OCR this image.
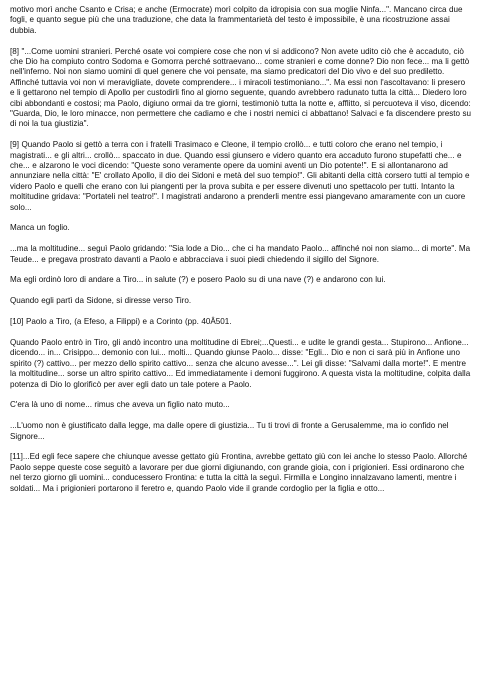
motivo morì anche Csanto e Crisa; e anche (Ermocrate) morì colpito da idropisia con sua moglie Ninfa...". Mancano circa due fogli, e quanto segue più che una traduzione, che data la frammentarietà del testo è impossibile, è una ricostruzione assai dubbia.

[8] "...Come uomini stranieri. Perché osate voi compiere cose che non vi si addicono? Non avete udito ciò che è accaduto, ciò che Dio ha compiuto contro Sodoma e Gomorra perché sottraevano... come stranieri e come donne? Dio non fece... ma li gettò nell'inferno. Noi non siamo uomini di quel genere che voi pensate, ma siamo predicatori del Dio vivo e del suo prediletto. Affinché tuttavia voi non vi meravigliate, dovete comprendere... i miracoli testimoniano...". Ma essi non l'ascoltavano: li presero e li gettarono nel tempio di Apollo per custodirli fino al giorno seguente, quando avrebbero radunato tutta la città... Diedero loro cibi abbondanti e costosi; ma Paolo, digiuno ormai da tre giorni, testimoniò tutta la notte e, afflitto, si percuoteva il viso, dicendo: "Guarda, Dio, le loro minacce, non permettere che cadiamo e che i nostri nemici ci abbattano! Salvaci e fa discendere presto su di noi la tua giustizia".

[9] Quando Paolo si gettò a terra con i fratelli Trasimaco e Cleone, il tempio crollò... e tutti coloro che erano nel tempio, i magistrati... e gli altri... crollò... spaccato in due. Quando essi giunsero e videro quanto era accaduto furono stupefatti che... e che... e alzarono le voci dicendo: "Queste sono veramente opere da uomini aventi un Dio potente!". E si allontanarono ad annunziare nella città: "E' crollato Apollo, il dio dei Sidoni e metà del suo tempio!". Gli abitanti della città corsero tutti al tempio e videro Paolo e quelli che erano con lui piangenti per la prova subita e per essere divenuti uno spettacolo per tutti. Intanto la moltitudine gridava: "Portateli nel teatro!". I magistrati andarono a prenderli mentre essi piangevano amaramente con un cuore solo...

Manca un foglio.

...ma la moltitudine... seguì Paolo gridando: "Sia lode a Dio... che ci ha mandato Paolo... affinché noi non siamo... di morte". Ma Teude... e pregava prostrato davanti a Paolo e abbracciava i suoi piedi chiedendo il sigillo del Signore.

Ma egli ordinò loro di andare a Tiro... in salute (?) e posero Paolo su di una nave (?) e andarono con lui.

Quando egli partì da Sidone, si diresse verso Tiro.

[10] Paolo a Tiro, (a Efeso, a Filippi) e a Corinto (pp. 40Â501.

Quando Paolo entrò in Tiro, gli andò incontro una moltitudine di Ebrei;...Questi... e udite le grandi gesta... Stupirono... Anfione... dicendo... in... Crisippo... demonio con lui... molti... Quando giunse Paolo... disse: "Egli... Dio e non ci sarà più in Anfione uno spirito (?) cattivo... per mezzo dello spirito cattivo... senza che alcuno avesse...". Lei gli disse: "Salvami dalla morte!". E mentre la moltitudine... sorse un altro spirito cattivo... Ed immediatamente i demoni fuggirono. A questa vista la moltitudine, colpita dalla potenza di Dio lo glorificò per aver egli dato un tale potere a Paolo.

C'era là uno di nome... rimus che aveva un figlio nato muto...

...L'uomo non è giustificato dalla legge, ma dalle opere di giustizia... Tu ti trovi di fronte a Gerusalemme, ma io confido nel Signore...

[11]...Ed egli fece sapere che chiunque avesse gettato giù Frontina, avrebbe gettato giù con lei anche lo stesso Paolo. Allorché Paolo seppe queste cose seguitò a lavorare per due giorni digiunando, con grande gioia, con i prigionieri. Essi ordinarono che nel terzo giorno gli uomini... conducessero Frontina: e tutta la città la seguì. Firmilla e Longino innalzavano lamenti, mentre i soldati... Ma i prigionieri portarono il feretro e, quando Paolo vide il grande cordoglio per la figlia e otto...
